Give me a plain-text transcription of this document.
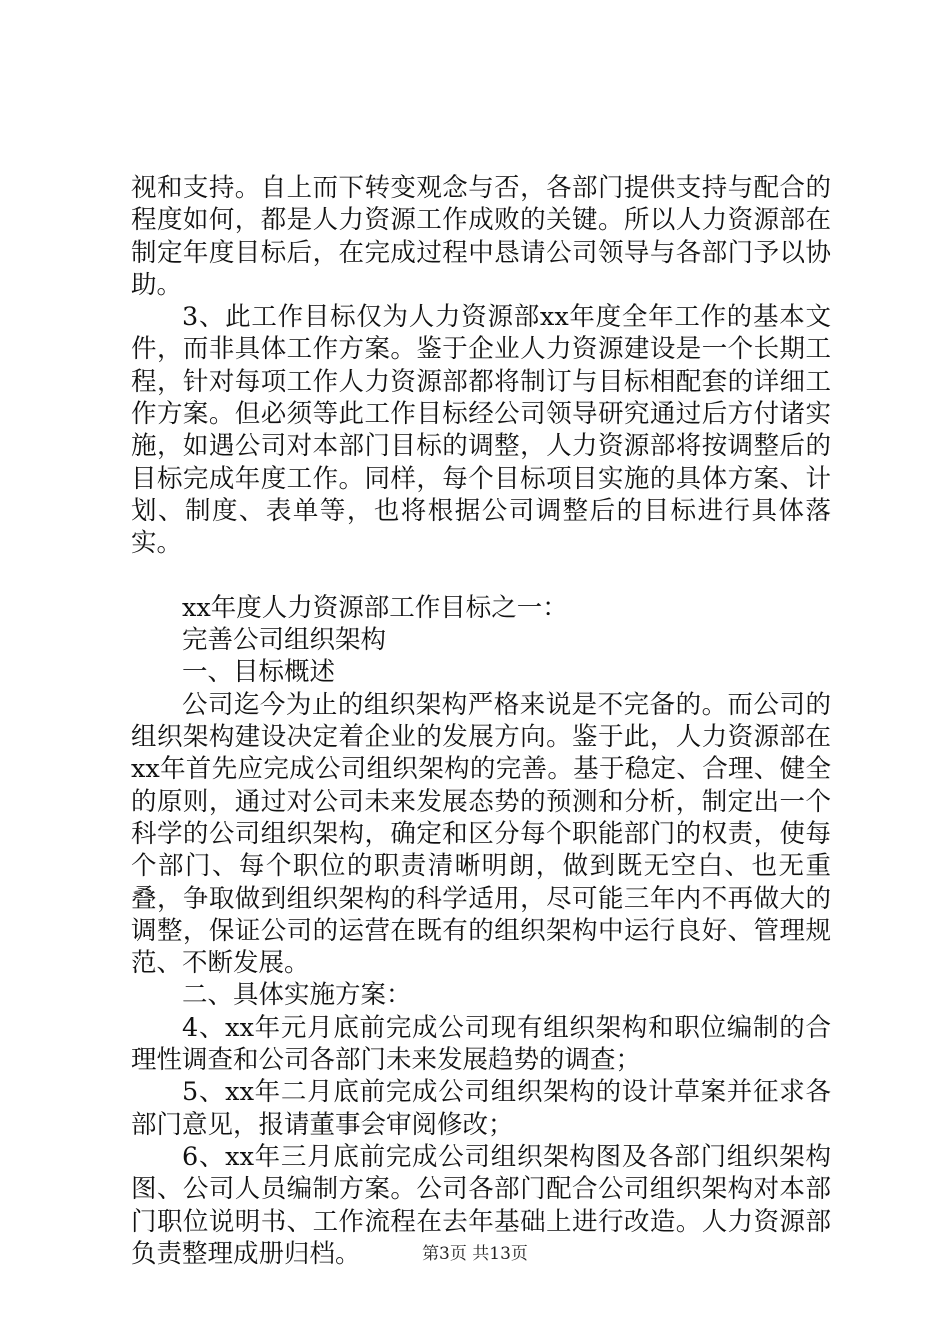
视和支持。自上而下转变观念与否，各部门提供支持与配合的程度如何，都是人力资源工作成败的关键。所以人力资源部在制定年度目标后，在完成过程中恳请公司领导与各部门予以协助。

3、此工作目标仅为人力资源部xx年度全年工作的基本文件，而非具体工作方案。鉴于企业人力资源建设是一个长期工程，针对每项工作人力资源部都将制订与目标相配套的详细工作方案。但必须等此工作目标经公司领导研究通过后方付诸实施，如遇公司对本部门目标的调整，人力资源部将按调整后的目标完成年度工作。同样，每个目标项目实施的具体方案、计划、制度、表单等，也将根据公司调整后的目标进行具体落实。

xx年度人力资源部工作目标之一：

完善公司组织架构

一、目标概述

公司迄今为止的组织架构严格来说是不完备的。而公司的组织架构建设决定着企业的发展方向。鉴于此，人力资源部在xx年首先应完成公司组织架构的完善。基于稳定、合理、健全的原则，通过对公司未来发展态势的预测和分析，制定出一个科学的公司组织架构，确定和区分每个职能部门的权责，使每个部门、每个职位的职责清晰明朗，做到既无空白、也无重叠，争取做到组织架构的科学适用，尽可能三年内不再做大的调整，保证公司的运营在既有的组织架构中运行良好、管理规范、不断发展。

二、具体实施方案：

4、xx年元月底前完成公司现有组织架构和职位编制的合理性调查和公司各部门未来发展趋势的调查；

5、xx年二月底前完成公司组织架构的设计草案并征求各部门意见，报请董事会审阅修改；

6、xx年三月底前完成公司组织架构图及各部门组织架构图、公司人员编制方案。公司各部门配合公司组织架构对本部门职位说明书、工作流程在去年基础上进行改造。人力资源部负责整理成册归档。	第3页 共13页
